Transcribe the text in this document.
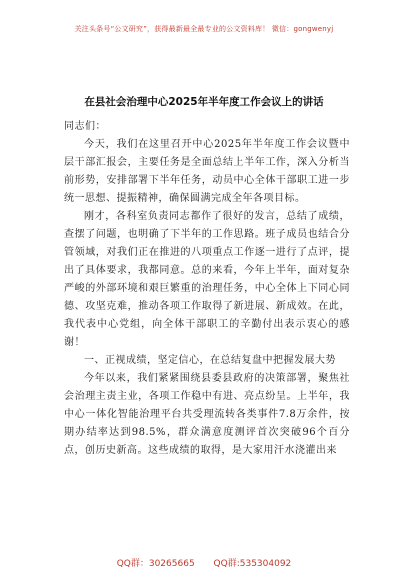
关注头条号“公文研究”，获得最新最全最专业的公文资料库！ 微信：gongwenyj
在县社会治理中心2025年半年度工作会议上的讲话

同志们：

今天，我们在这里召开中心2025年半年度工作会议暨中层干部汇报会，主要任务是全面总结上半年工作，深入分析当前形势，安排部署下半年任务，动员中心全体干部职工进一步统一思想、提振精神，确保圆满完成全年各项目标。

刚才，各科室负责同志都作了很好的发言，总结了成绩，查摆了问题，也明确了下半年的工作思路。班子成员也结合分管领域，对我们正在推进的八项重点工作逐一进行了点评，提出了具体要求，我都同意。总的来看，今年上半年，面对复杂严峻的外部环境和艰巨繁重的治理任务，中心全体上下同心同德、攻坚克难，推动各项工作取得了新进展、新成效。在此，我代表中心党组，向全体干部职工的辛勤付出表示衷心的感谢！

一、正视成绩，坚定信心，在总结复盘中把握发展大势

今年以来，我们紧紧围绕县委县政府的决策部署，聚焦社会治理主责主业，各项工作稳中有进、亮点纷呈。上半年，我中心一体化智能治理平台共受理流转各类事件7.8万余件，按期办结率达到98.5%，群众满意度测评首次突破96个百分点，创历史新高。这些成绩的取得，是大家用汗水浇灌出来

QQ群：30265665 QQ群:535304092
